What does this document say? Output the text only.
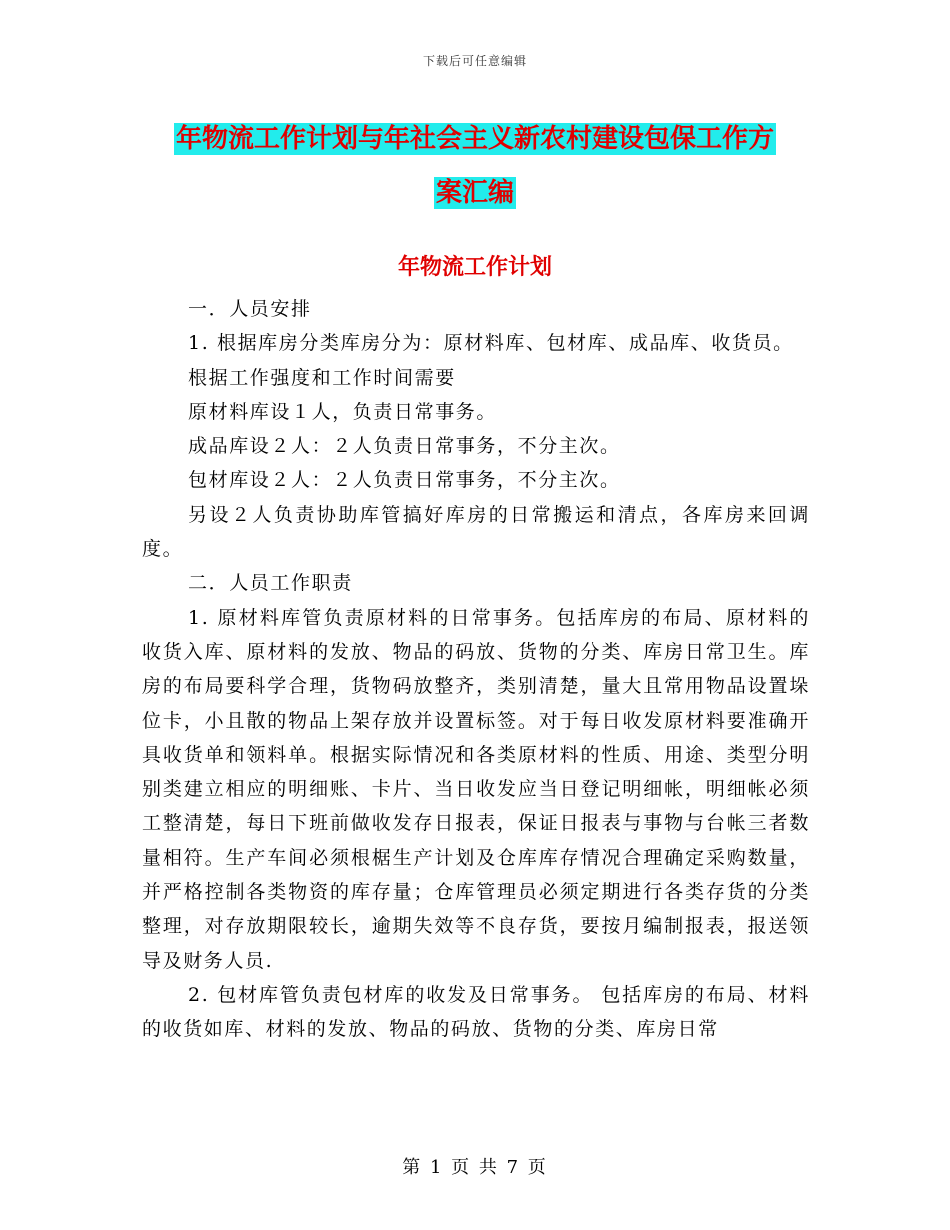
下载后可任意编辑
年物流工作计划与年社会主义新农村建设包保工作方
案汇编
年物流工作计划

一．人员安排

1. 根据库房分类库房分为：原材料库、包材库、成品库、收货员。

根据工作强度和工作时间需要

原材料库设１人，负责日常事务。

成品库设２人：２人负责日常事务，不分主次。

包材库设２人：２人负责日常事务，不分主次。

另设２人负责协助库管搞好库房的日常搬运和清点，各库房来回调度。

二．人员工作职责

1. 原材料库管负责原材料的日常事务。包括库房的布局、原材料的收货入库、原材料的发放、物品的码放、货物的分类、库房日常卫生。库房的布局要科学合理，货物码放整齐，类别清楚，量大且常用物品设置垛位卡，小且散的物品上架存放并设置标签。对于每日收发原材料要准确开具收货单和领料单。根据实际情况和各类原材料的性质、用途、类型分明别类建立相应的明细账、卡片、当日收发应当日登记明细帐，明细帐必须工整清楚，每日下班前做收发存日报表，保证日报表与事物与台帐三者数量相符。生产车间必须根椐生产计划及仓库库存情况合理确定采购数量，并严格控制各类物资的库存量；仓库管理员必须定期进行各类存货的分类整理，对存放期限较长，逾期失效等不良存货，要按月编制报表，报送领导及财务人员.

2. 包材库管负责包材库的收发及日常事务。 包括库房的布局、材料的收货如库、材料的发放、物品的码放、货物的分类、库房日常

第 1 页 共 7 页
